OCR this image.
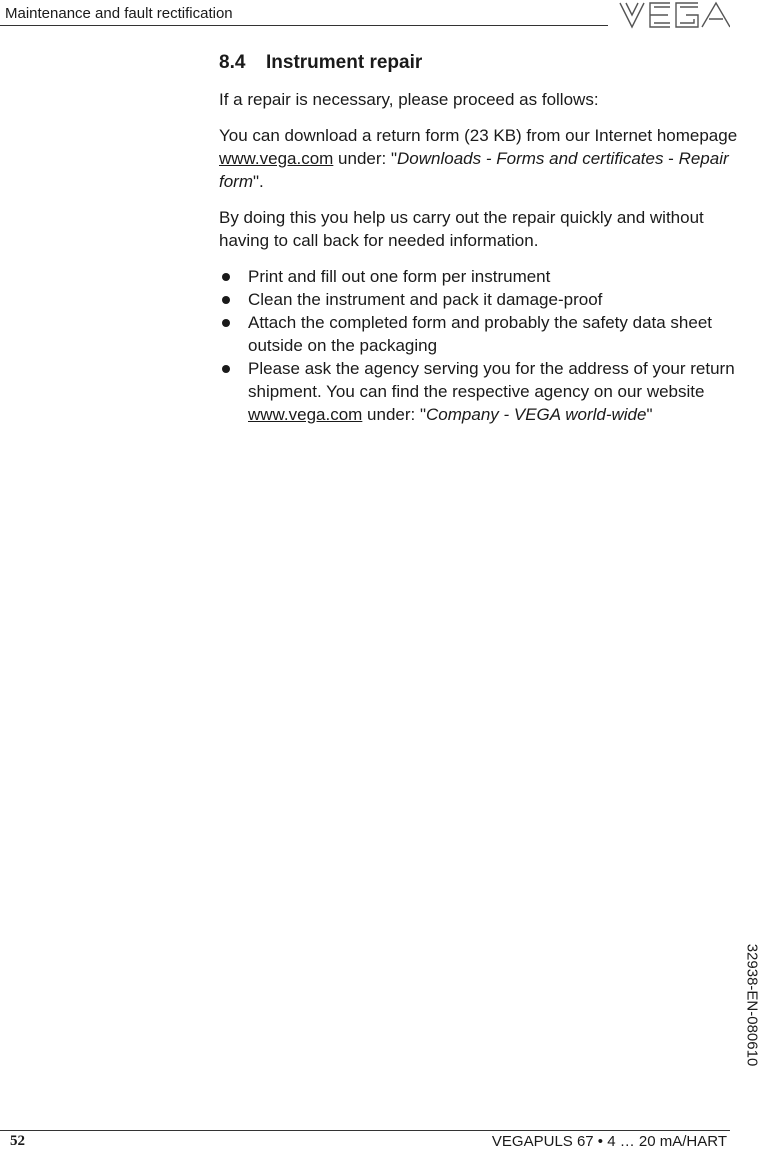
Maintenance and fault rectification
8.4 Instrument repair

If a repair is necessary, please proceed as follows:

You can download a return form (23 KB) from our Internet homepage www.vega.com under: "Downloads - Forms and certificates - Repair form".

By doing this you help us carry out the repair quickly and without having to call back for needed information.

Print and fill out one form per instrument
Clean the instrument and pack it damage-proof
Attach the completed form and probably the safety data sheet outside on the packaging
Please ask the agency serving you for the address of your return shipment. You can find the respective agency on our website www.vega.com under: "Company - VEGA world-wide"
32938-EN-080610
52	VEGAPULS 67 • 4 … 20 mA/HART
